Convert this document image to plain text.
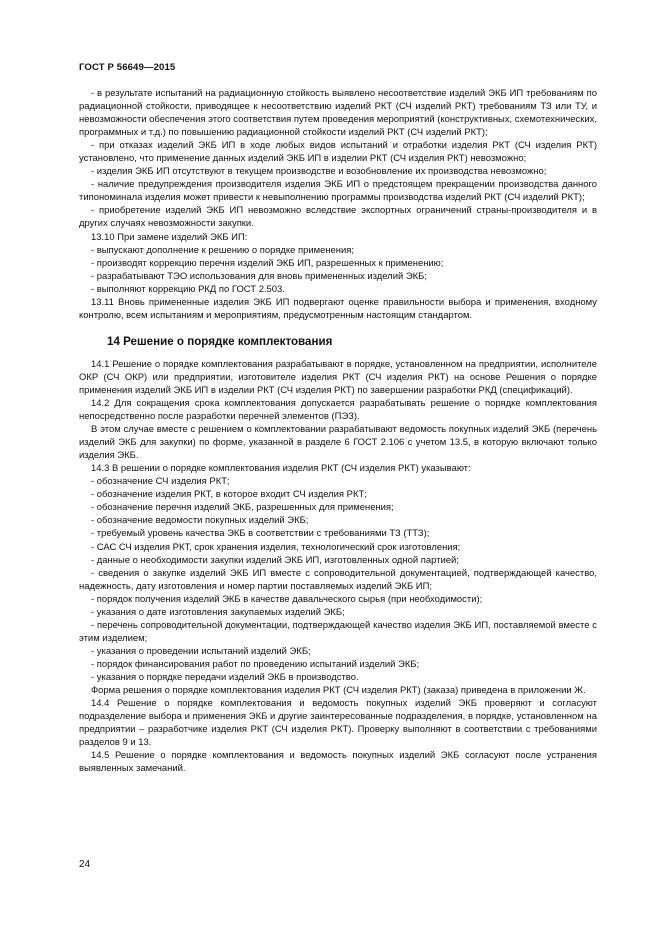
ГОСТ Р 56649—2015

- в результате испытаний на радиационную стойкость выявлено несоответствие изделий ЭКБ ИП требованиям по радиационной стойкости, приводящее к несоответствию изделий РКТ (СЧ изделий РКТ) требованиям ТЗ или ТУ, и невозможности обеспечения этого соответствия путем проведения мероприятий (конструктивных, схемотехнических, программных и т.д.) по повышению радиационной стойкости изделий РКТ (СЧ изделий РКТ);

- при отказах изделий ЭКБ ИП в ходе любых видов испытаний и отработки изделия РКТ (СЧ изделия РКТ) установлено, что применение данных изделий ЭКБ ИП в изделии РКТ (СЧ изделия РКТ) невозможно;

- изделия ЭКБ ИП отсутствуют в текущем производстве и возобновление их производства невозможно;

- наличие предупреждения производителя изделия ЭКБ ИП о предстоящем прекращении производства данного типономинала изделия может привести к невыполнению программы производства изделий РКТ (СЧ изделий РКТ);

- приобретение изделий ЭКБ ИП невозможно вследствие экспортных ограничений страны-производителя и в других случаях невозможности закупки.

13.10 При замене изделий ЭКБ ИП:

- выпускают дополнение к решению о порядке применения;

- производят коррекцию перечня изделий ЭКБ ИП, разрешенных к применению;

- разрабатывают ТЭО использования для вновь примененных изделий ЭКБ;

- выполняют коррекцию РКД по ГОСТ 2.503.

13.11 Вновь примененные изделия ЭКБ ИП подвергают оценке правильности выбора и применения, входному контролю, всем испытаниям и мероприятиям, предусмотренным настоящим стандартом.

14 Решение о порядке комплектования

14.1 Решение о порядке комплектования разрабатывают в порядке, установленном на предприятии, исполнителе ОКР (СЧ ОКР) или предприятии, изготовителе изделия РКТ (СЧ изделия РКТ) на основе Решения о порядке применения изделий ЭКБ ИП в изделии РКТ (СЧ изделия РКТ) по завершении разработки РКД (спецификаций).

14.2 Для сокращения срока комплектования допускается разрабатывать решение о порядке комплектования непосредственно после разработки перечней элементов (ПЭЗ).

В этом случае вместе с решением о комплектовании разрабатывают ведомость покупных изделий ЭКБ (перечень изделий ЭКБ для закупки) по форме, указанной в разделе 6 ГОСТ 2.106 с учетом 13.5, в которую включают только изделия ЭКБ.

14.3 В решении о порядке комплектования изделия РКТ (СЧ изделия РКТ) указывают:

- обозначение СЧ изделия РКТ;

- обозначение изделия РКТ, в которое входит СЧ изделия РКТ;

- обозначение перечня изделий ЭКБ, разрешенных для применения;

- обозначение ведомости покупных изделий ЭКБ;

- требуемый уровень качества ЭКБ в соответствии с требованиями ТЗ (ТТЗ);

- САС СЧ изделия РКТ, срок хранения изделия, технологический срок изготовления;

- данные о необходимости закупки изделий ЭКБ ИП, изготовленных одной партией;

- сведения о закупке изделий ЭКБ ИП вместе с сопроводительной документацией, подтверждающей качество, надежность, дату изготовления и номер партии поставляемых изделий ЭКБ ИП;

- порядок получения изделий ЭКБ в качестве давальческого сырья (при необходимости);

- указания о дате изготовления закупаемых изделий ЭКБ;

- перечень сопроводительной документации, подтверждающей качество изделия ЭКБ ИП, поставляемой вместе с этим изделием;

- указания о проведении испытаний изделий ЭКБ;

- порядок финансирования работ по проведению испытаний изделий ЭКБ;

- указания о порядке передачи изделий ЭКБ в производство.

Форма решения о порядке комплектования изделия РКТ (СЧ изделия РКТ) (заказа) приведена в приложении Ж.

14.4 Решение о порядке комплектования и ведомость покупных изделий ЭКБ проверяют и согласуют подразделение выбора и применения ЭКБ и другие заинтересованные подразделения, в порядке, установленном на предприятии – разработчике изделия РКТ (СЧ изделия РКТ). Проверку выполняют в соответствии с требованиями разделов 9 и 13.

14.5 Решение о порядке комплектования и ведомость покупных изделий ЭКБ согласуют после устранения выявленных замечаний.

24
